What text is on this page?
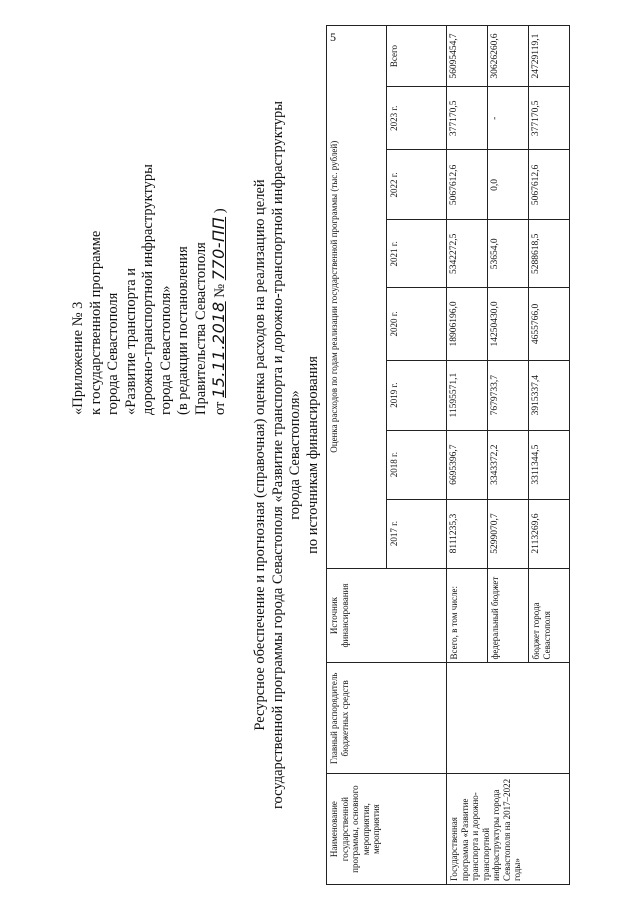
5
«Приложение № 3 к государственной программе города Севастополя «Развитие транспорта и дорожно-транспортной инфраструктуры города Севастополя» (в редакции постановления Правительства Севастополя от 15.11.2018 № 770-ПП ) Ресурсное обеспечение и прогнозная (справочная) оценка расходов на реализацию целей государственной программы города Севастополя «Развитие транспорта и дорожно-транспортной инфраструктуры города Севастополя» по источникам финансирования
Наименование государственной программы, основного мероприятия, мероприятия	Главный распорядитель бюджетных средств	Источник финансирования	Оценка расходов по годам реализации государственной программы (тыс. рублей)							
			2017 г.	2018 г.	2019 г.	2020 г.	2021 г.	2022 г.	2023 г.	Всего
Государственная программа «Развитие транспорта и дорожно-транспортной инфраструктуры города Севастополя на 2017–2022 годы»		Всего, в том числе:	8111235,3	6695396,7	11595571,1	18906196,0	5342272,5	5067612,6	377170,5	56095454,7
		федеральный бюджет	5299070,7	3343372,2	7679733,7	14250430,0	53654,0	0,0	-	30626260,6
		бюджет города Севастополя	2113269,6	3311344,5	3915337,4	4655766,0	5288618,5	5067612,6	377170,5	24729119,1
